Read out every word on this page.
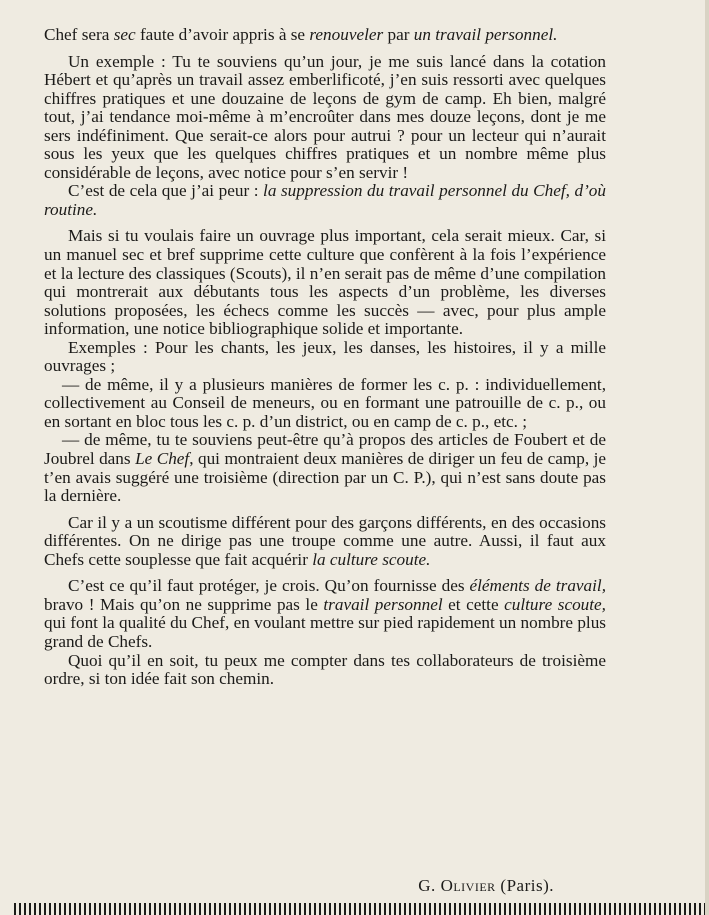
Chef sera sec faute d’avoir appris à se renouveler par un travail personnel.

Un exemple : Tu te souviens qu’un jour, je me suis lancé dans la cotation Hébert et qu’après un travail assez emberlificoté, j’en suis ressorti avec quelques chiffres pratiques et une douzaine de leçons de gym de camp. Eh bien, malgré tout, j’ai tendance moi-même à m’encroûter dans mes douze leçons, dont je me sers indéfiniment. Que serait-ce alors pour autrui ? pour un lecteur qui n’aurait sous les yeux que les quelques chiffres pratiques et un nombre même plus considérable de leçons, avec notice pour s’en servir !

C’est de cela que j’ai peur : la suppression du travail personnel du Chef, d’où routine.

Mais si tu voulais faire un ouvrage plus important, cela serait mieux. Car, si un manuel sec et bref supprime cette culture que confèrent à la fois l’expérience et la lecture des classiques (Scouts), il n’en serait pas de même d’une compilation qui montrerait aux débutants tous les aspects d’un problème, les diverses solutions proposées, les échecs comme les succès — avec, pour plus ample information, une notice bibliographique solide et importante.

Exemples : Pour les chants, les jeux, les danses, les histoires, il y a mille ouvrages ;

— de même, il y a plusieurs manières de former les c. p. : individuellement, collectivement au Conseil de meneurs, ou en formant une patrouille de c. p., ou en sortant en bloc tous les c. p. d’un district, ou en camp de c. p., etc. ;

— de même, tu te souviens peut-être qu’à propos des articles de Foubert et de Joubrel dans Le Chef, qui montraient deux manières de diriger un feu de camp, je t’en avais suggéré une troisième (direction par un C. P.), qui n’est sans doute pas la dernière.

Car il y a un scoutisme différent pour des garçons différents, en des occasions différentes. On ne dirige pas une troupe comme une autre. Aussi, il faut aux Chefs cette souplesse que fait acquérir la culture scoute.

C’est ce qu’il faut protéger, je crois. Qu’on fournisse des éléments de travail, bravo ! Mais qu’on ne supprime pas le travail personnel et cette culture scoute, qui font la qualité du Chef, en voulant mettre sur pied rapidement un nombre plus grand de Chefs.

Quoi qu’il en soit, tu peux me compter dans tes collaborateurs de troisième ordre, si ton idée fait son chemin.

G. Olivier (Paris).
